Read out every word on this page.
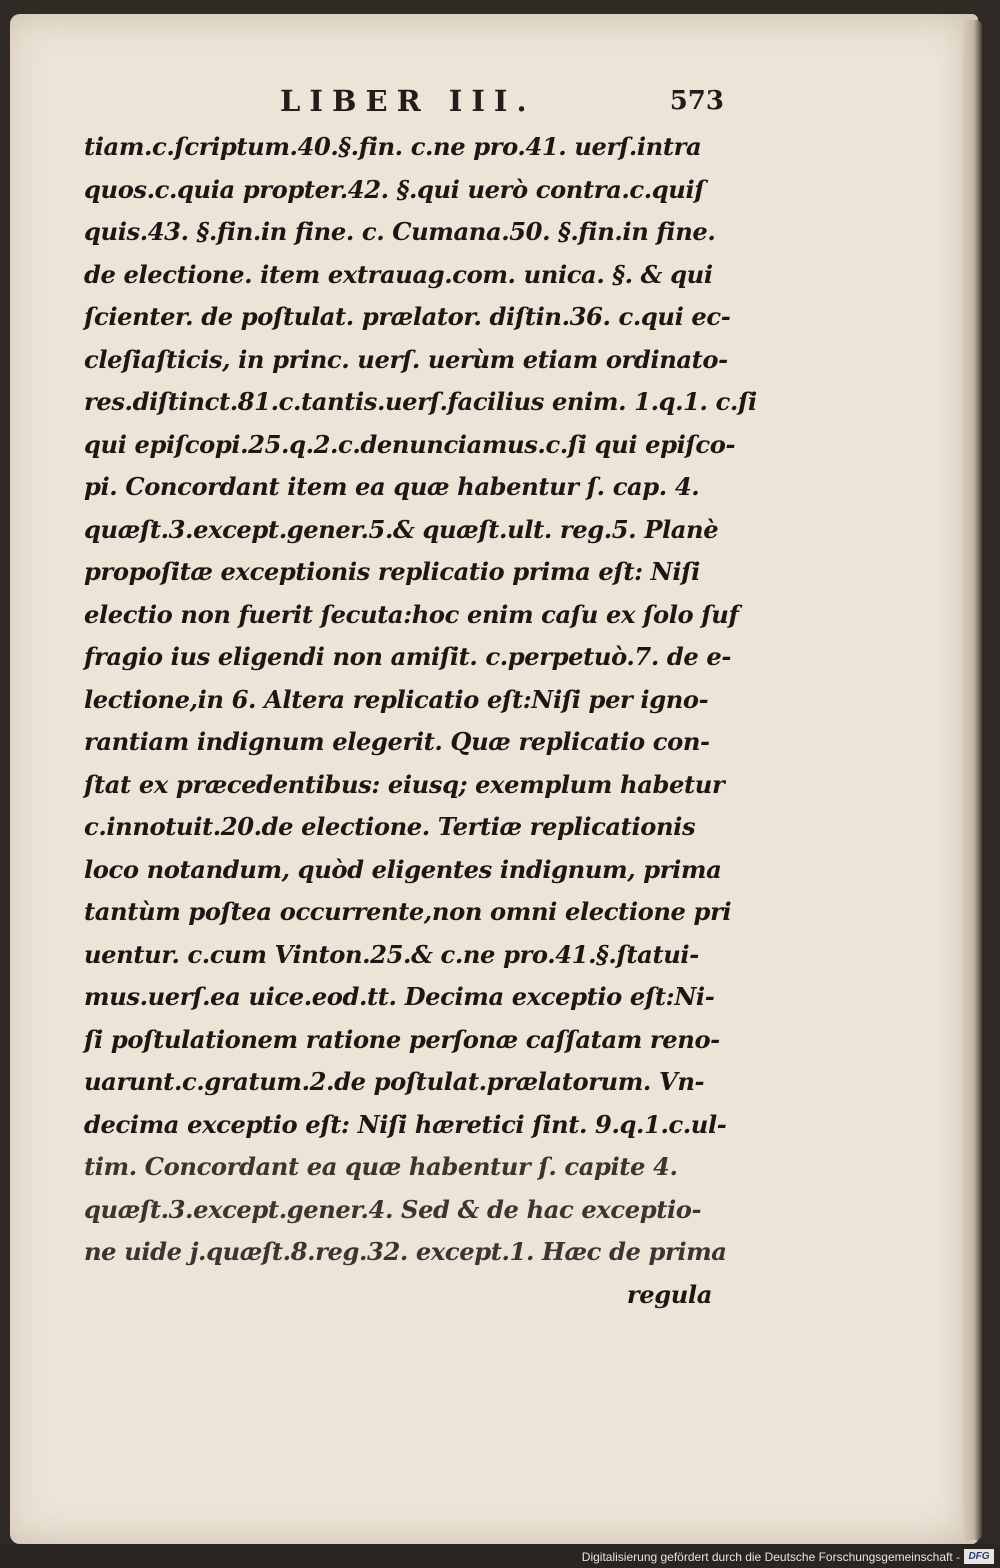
LIBER III.	573
tiam.c.ſcriptum.40.§.fin. c.ne pro.41. uerſ.intra
quos.c.quia propter.42. §.qui uerò contra.c.quiſ
quis.43. §.fin.in fine. c. Cumana.50. §.fin.in fine.
de electione. item extrauag.com. unica. §. & qui
ſcienter. de poſtulat. prælator. diſtin.36. c.qui ec-
cleſiaſticis, in princ. uerſ. uerùm etiam ordinato-
res.diſtinct.81.c.tantis.uerſ.facilius enim. 1.q.1. c.ſi
qui epiſcopi.25.q.2.c.denunciamus.c.ſi qui epiſco-
pi. Concordant item ea quæ habentur ſ. cap. 4.
quæſt.3.except.gener.5.& quæſt.ult. reg.5. Planè
propoſitæ exceptionis replicatio prima eſt: Niſi
electio non fuerit ſecuta:hoc enim caſu ex ſolo ſuf
fragio ius eligendi non amiſit. c.perpetuò.7. de e-
lectione,in 6. Altera replicatio eſt:Niſi per igno-
rantiam indignum elegerit. Quæ replicatio con-
ſtat ex præcedentibus: eiusq; exemplum habetur
c.innotuit.20.de electione. Tertiæ replicationis
loco notandum, quòd eligentes indignum, prima
tantùm poſtea occurrente,non omni electione pri
uentur. c.cum Vinton.25.& c.ne pro.41.§.ſtatui-
mus.uerſ.ea uice.eod.tt. Decima exceptio eſt:Ni-
ſi poſtulationem ratione perſonæ caſſatam reno-
uarunt.c.gratum.2.de poſtulat.prælatorum. Vn-
decima exceptio eſt: Niſi hæretici ſint. 9.q.1.c.ul-
tim. Concordant ea quæ habentur ſ. capite 4.
quæſt.3.except.gener.4. Sed & de hac exceptio-
ne uide j.quæſt.8.reg.32. except.1. Hæc de prima
regula
Digitalisierung gefördert durch die Deutsche Forschungsgemeinschaft - DFG
